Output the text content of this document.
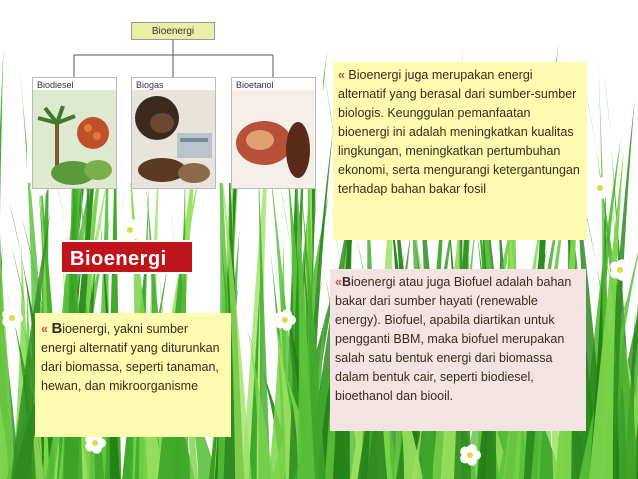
Bioenergi
Biodiesel	Biogas	Bioetanol
Bioenergi
« Bioenergi, yakni sumber energi alternatif yang diturunkan dari biomassa, seperti tanaman, hewan, dan mikroorganisme
« Bioenergi juga merupakan energi alternatif yang berasal dari sumber-sumber biologis. Keunggulan pemanfaatan bioenergi ini adalah meningkatkan kualitas lingkungan, meningkatkan pertumbuhan ekonomi, serta mengurangi ketergantungan terhadap bahan bakar fosil
«Bioenergi atau juga Biofuel adalah bahan bakar dari sumber hayati (renewable energy). Biofuel, apabila diartikan untuk pengganti BBM, maka biofuel merupakan salah satu bentuk energi dari biomassa dalam bentuk cair, seperti biodiesel, bioethanol dan biooil.
